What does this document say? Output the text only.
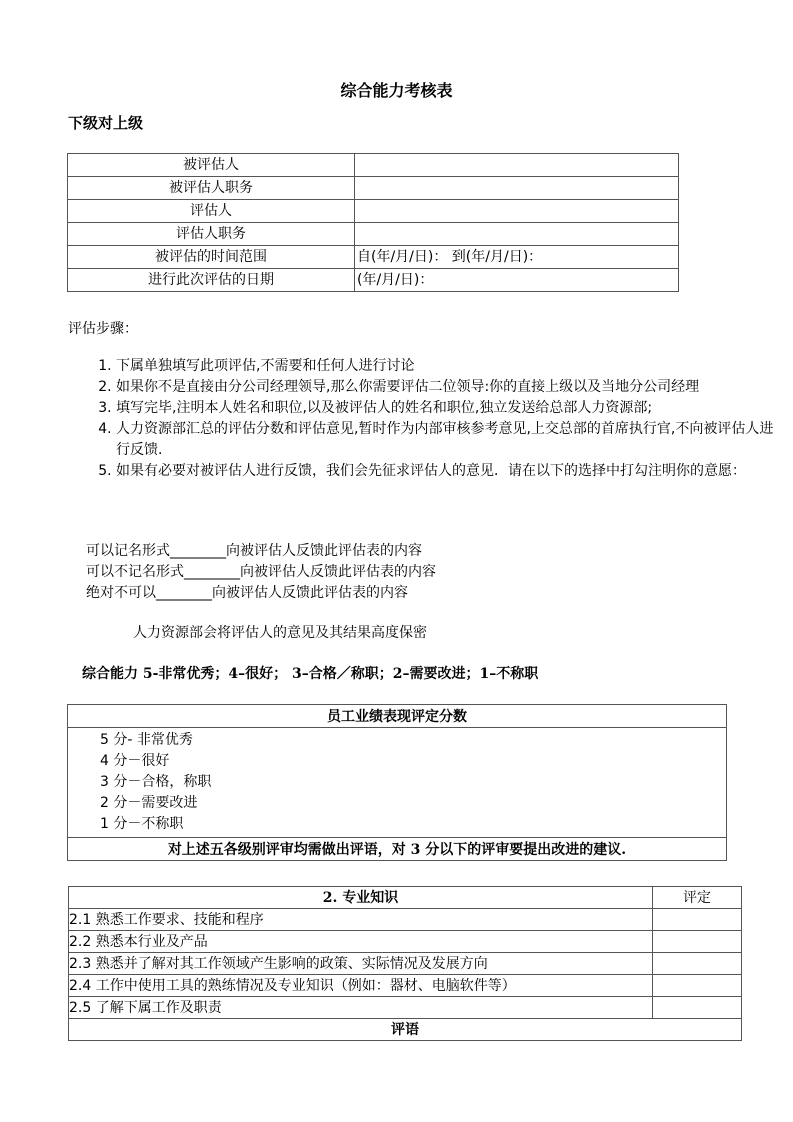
综合能力考核表
下级对上级
被评估人	
被评估人职务	
评估人	
评估人职务	
被评估的时间范围	自(年/月/日)： 到(年/月/日)：
进行此次评估的日期	(年/月/日)：
评估步骤：
1. 下属单独填写此项评估,不需要和任何人进行讨论
2. 如果你不是直接由分公司经理领导,那么你需要评估二位领导:你的直接上级以及当地分公司经理
3. 填写完毕,注明本人姓名和职位,以及被评估人的姓名和职位,独立发送给总部人力资源部;
4. 人力资源部汇总的评估分数和评估意见,暂时作为内部审核参考意见,上交总部的首席执行官,不向被评估人进行反馈.
5. 如果有必要对被评估人进行反馈，我们会先征求评估人的意见．请在以下的选择中打勾注明你的意愿：
可以记名形式________向被评估人反馈此评估表的内容
可以不记名形式________向被评估人反馈此评估表的内容
绝对不可以________向被评估人反馈此评估表的内容
人力资源部会将评估人的意见及其结果高度保密
综合能力 5-非常优秀；4–很好； 3–合格／称职；2–需要改进；1–不称职
员工业绩表现评定分数

5 分- 非常优秀
4 分－很好
3 分－合格，称职
2 分－需要改进
1 分－不称职

对上述五各级别评审均需做出评语，对 3 分以下的评审要提出改进的建议.
2. 专业知识	评定
2.1 熟悉工作要求、技能和程序	
2.2 熟悉本行业及产品	
2.3 熟悉并了解对其工作领域产生影响的政策、实际情况及发展方向	
2.4 工作中使用工具的熟练情况及专业知识（例如：器材、电脑软件等）	
2.5 了解下属工作及职责	
评语	
